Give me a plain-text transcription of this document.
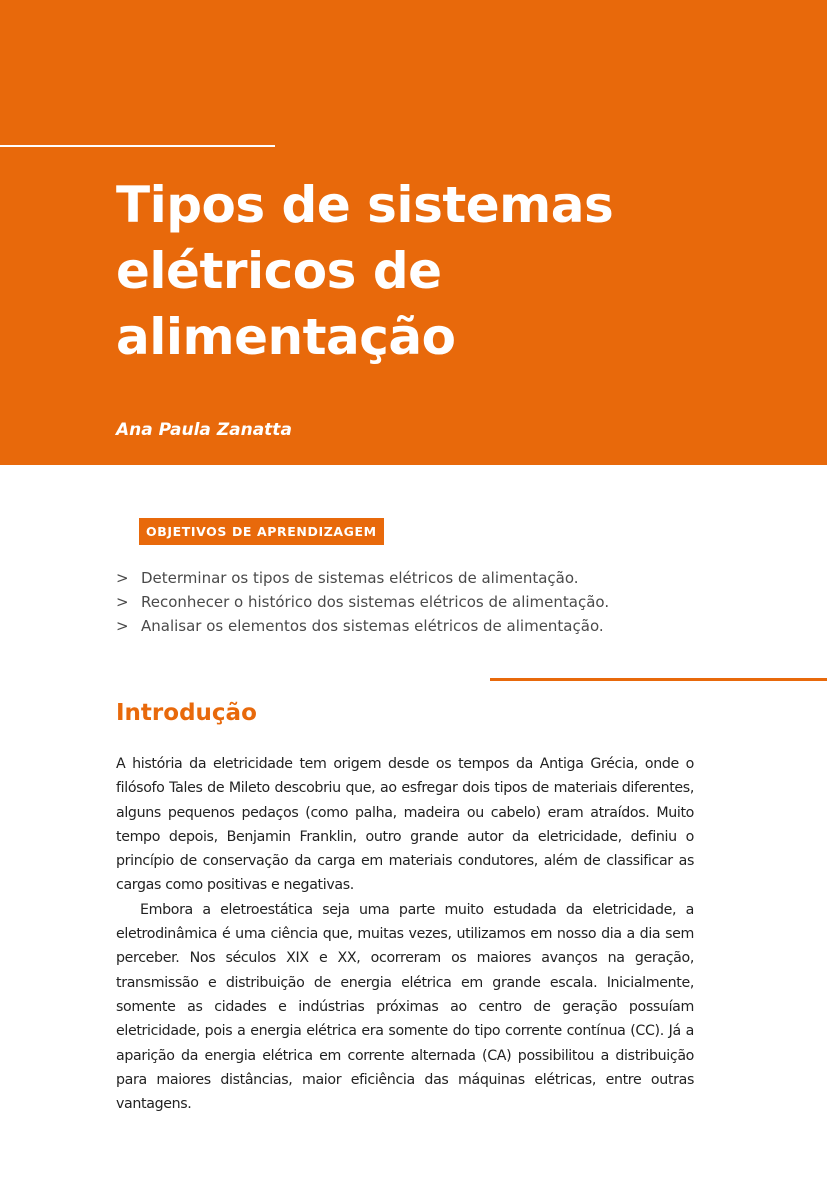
Tipos de sistemas elétricos de alimentação
Ana Paula Zanatta
OBJETIVOS DE APRENDIZAGEM
> Determinar os tipos de sistemas elétricos de alimentação.
> Reconhecer o histórico dos sistemas elétricos de alimentação.
> Analisar os elementos dos sistemas elétricos de alimentação.
Introdução

A história da eletricidade tem origem desde os tempos da Antiga Grécia, onde o filósofo Tales de Mileto descobriu que, ao esfregar dois tipos de materiais diferentes, alguns pequenos pedaços (como palha, madeira ou cabelo) eram atraídos. Muito tempo depois, Benjamin Franklin, outro grande autor da eletricidade, definiu o princípio de conservação da carga em materiais condutores, além de classificar as cargas como positivas e negativas.

Embora a eletroestática seja uma parte muito estudada da eletricidade, a eletrodinâmica é uma ciência que, muitas vezes, utilizamos em nosso dia a dia sem perceber. Nos séculos XIX e XX, ocorreram os maiores avanços na geração, transmissão e distribuição de energia elétrica em grande escala. Inicialmente, somente as cidades e indústrias próximas ao centro de geração possuíam eletricidade, pois a energia elétrica era somente do tipo corrente contínua (CC). Já a aparição da energia elétrica em corrente alternada (CA) possibilitou a distribuição para maiores distâncias, maior eficiência das máquinas elétricas, entre outras vantagens.
